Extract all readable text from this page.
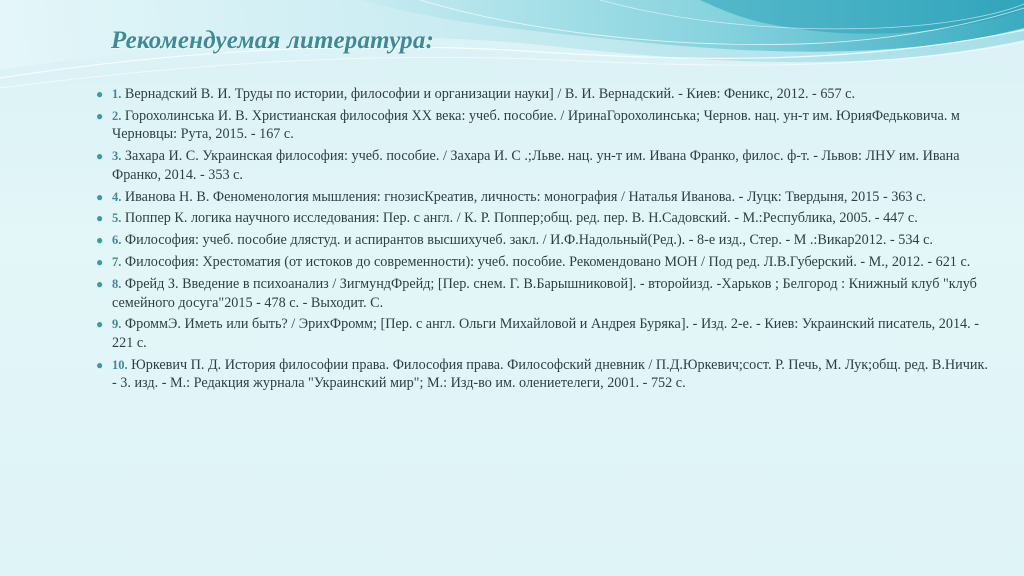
Рекомендуемая литература:
● 1. Вернадский В. И. Труды по истории, философии и организации науки] / В. И. Вернадский. - Киев: Феникс, 2012. - 657 с.
● 2. Горохолинська И. В. Христианская философия XX века: учеб. пособие. / ИринаГорохолинська; Чернов. нац. ун-т им. ЮрияФедьковича. м Черновцы: Рута, 2015. - 167 с.
● 3. Захара И. С. Украинская философия: учеб. пособие. / Захара И. С .;Льве. нац. ун-т им. Ивана Франко, филос. ф-т. - Львов: ЛНУ им. Ивана Франко, 2014. - 353 с.
● 4. Иванова Н. В. Феноменология мышления: гнозисКреатив, личность: монография / Наталья Иванова. - Луцк: Твердыня, 2015 - 363 с.
● 5. Поппер К. логика научного исследования: Пер. с англ. / К. Р. Поппер;общ. ред. пер. В. Н.Садовский. - М.:Республика, 2005. - 447 с.
● 6. Философия: учеб. пособие длястуд. и аспирантов высшихучеб. закл. / И.Ф.Надольный(Ред.). - 8-е изд., Стер. - М .:Викар2012. - 534 с.
● 7. Философия: Хрестоматия (от истоков до современности): учеб. пособие. Рекомендовано МОН / Под ред. Л.В.Губерский. - М., 2012. - 621 с.
● 8. Фрейд З. Введение в психоанализ / ЗигмундФрейд; [Пер. снем. Г. В.Барышниковой]. - второйизд. -Харьков ; Белгород : Книжный клуб "клуб семейного досуга"2015 - 478 с. - Выходит. С.
● 9. ФроммЭ. Иметь или быть? / ЭрихФромм; [Пер. с англ. Ольги Михайловой и Андрея Буряка]. - Изд. 2-е. - Киев: Украинский писатель, 2014. - 221 с.
● 10. Юркевич П. Д. История философии права. Философия права. Философский дневник / П.Д.Юркевич;сост. Р. Печь, М. Лук;общ. ред. В.Ничик. - 3. изд. - М.: Редакция журнала "Украинский мир"; М.: Изд-во им. олениетелеги, 2001. - 752 с.
